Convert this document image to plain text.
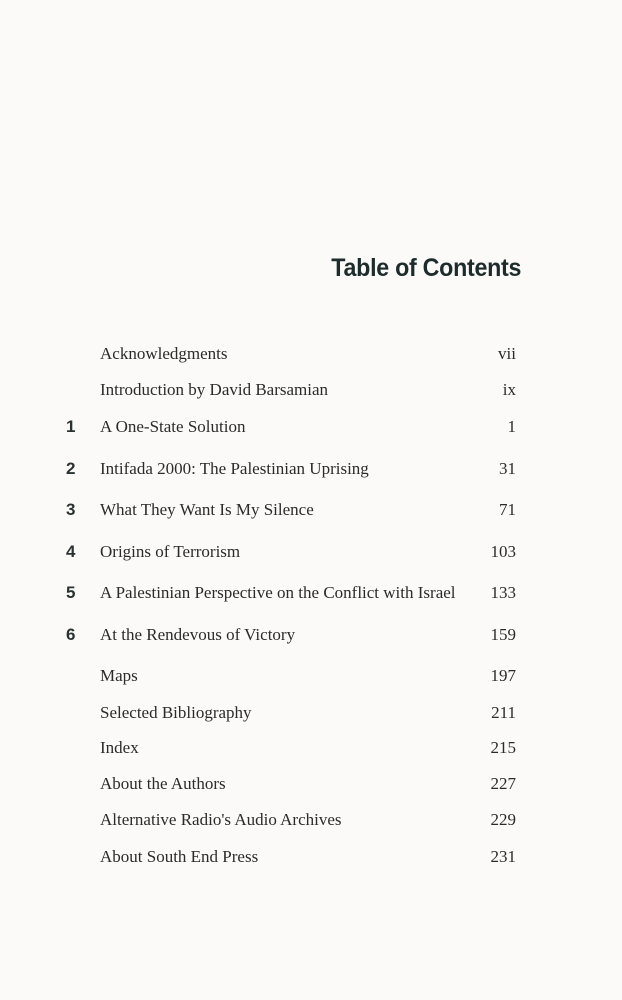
Table of Contents
Acknowledgments	vii
Introduction by David Barsamian	ix
1	A One-State Solution	1
2	Intifada 2000: The Palestinian Uprising	31
3	What They Want Is My Silence	71
4	Origins of Terrorism	103
5	A Palestinian Perspective on the Conflict with Israel 133
6	At the Rendevous of Victory	159
Maps	197
Selected Bibliography	211
Index	215
About the Authors	227
Alternative Radio's Audio Archives	229
About South End Press	231
